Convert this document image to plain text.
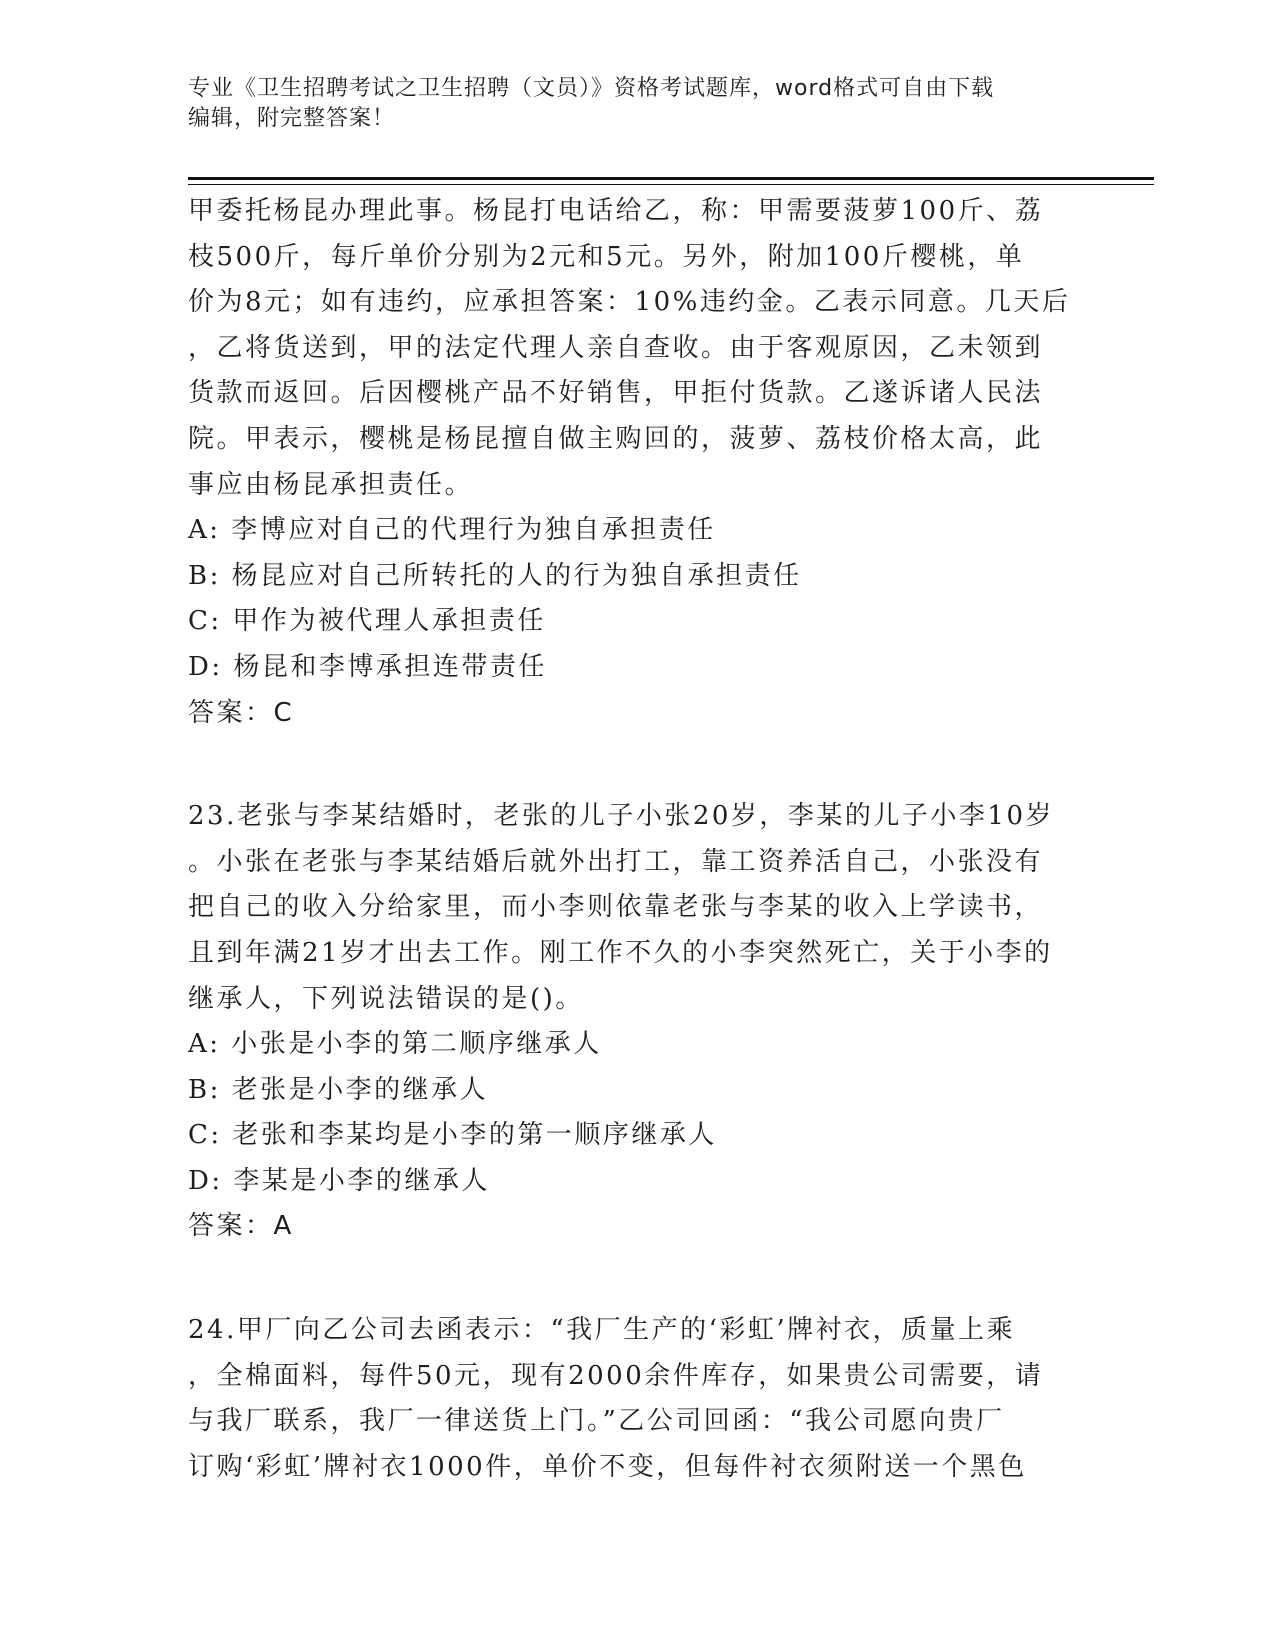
专业《卫生招聘考试之卫生招聘（文员）》资格考试题库，word格式可自由下载
编辑，附完整答案！
甲委托杨昆办理此事。杨昆打电话给乙，称：甲需要菠萝100斤、荔
枝500斤，每斤单价分别为2元和5元。另外，附加100斤樱桃，单
价为8元；如有违约，应承担答案：10%违约金。乙表示同意。几天后
，乙将货送到，甲的法定代理人亲自查收。由于客观原因，乙未领到
货款而返回。后因樱桃产品不好销售，甲拒付货款。乙遂诉诸人民法
院。甲表示，樱桃是杨昆擅自做主购回的，菠萝、荔枝价格太高，此
事应由杨昆承担责任。
A: 李博应对自己的代理行为独自承担责任
B: 杨昆应对自己所转托的人的行为独自承担责任
C: 甲作为被代理人承担责任
D: 杨昆和李博承担连带责任
答案：C
23.老张与李某结婚时，老张的儿子小张20岁，李某的儿子小李10岁
。小张在老张与李某结婚后就外出打工，靠工资养活自己，小张没有
把自己的收入分给家里，而小李则依靠老张与李某的收入上学读书，
且到年满21岁才出去工作。刚工作不久的小李突然死亡，关于小李的
继承人，下列说法错误的是()。
A: 小张是小李的第二顺序继承人
B: 老张是小李的继承人
C: 老张和李某均是小李的第一顺序继承人
D: 李某是小李的继承人
答案：A
24.甲厂向乙公司去函表示：“我厂生产的‘彩虹’牌衬衣，质量上乘
，全棉面料，每件50元，现有2000余件库存，如果贵公司需要，请
与我厂联系，我厂一律送货上门。”乙公司回函：“我公司愿向贵厂
订购‘彩虹’牌衬衣1000件，单价不变，但每件衬衣须附送一个黑色
